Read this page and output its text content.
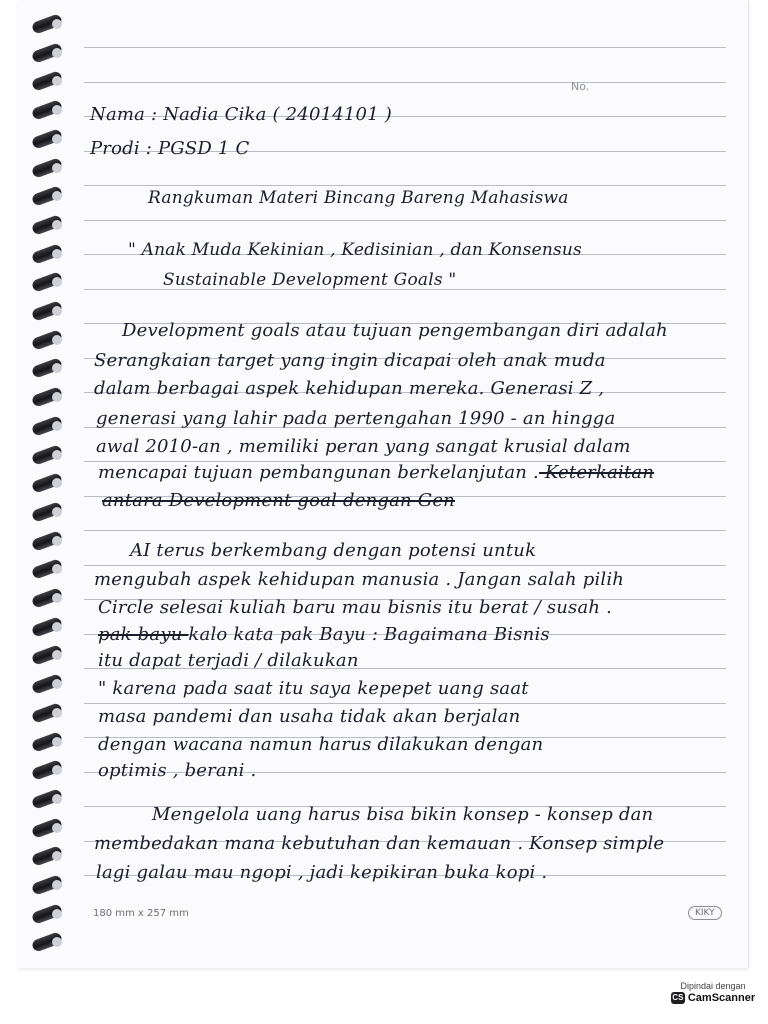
No.
Nama : Nadia Cika ( 24014101 )
Prodi : PGSD 1 C
Rangkuman Materi Bincang Bareng Mahasiswa
" Anak Muda Kekinian , Kedisinian , dan Konsensus
Sustainable Development Goals "
Development goals atau tujuan pengembangan diri adalah
Serangkaian target yang ingin dicapai oleh anak muda
dalam berbagai aspek kehidupan mereka. Generasi Z ,
generasi yang lahir pada pertengahan 1990 - an hingga
awal 2010-an , memiliki peran yang sangat krusial dalam
mencapai tujuan pembangunan berkelanjutan . Keterkaitan
antara Development goal dengan Gen
AI terus berkembang dengan potensi untuk
mengubah aspek kehidupan manusia . Jangan salah pilih
Circle selesai kuliah baru mau bisnis itu berat / susah .
pak bayu kalo kata pak Bayu : Bagaimana Bisnis
itu dapat terjadi / dilakukan
" karena pada saat itu saya kepepet uang saat
masa pandemi dan usaha tidak akan berjalan
dengan wacana namun harus dilakukan dengan
optimis , berani .
Mengelola uang harus bisa bikin konsep - konsep dan
membedakan mana kebutuhan dan kemauan . Konsep simple
lagi galau mau ngopi , jadi kepikiran buka kopi .
180 mm x 257 mm	KIKY
Dipindai dengan
CS CamScanner
